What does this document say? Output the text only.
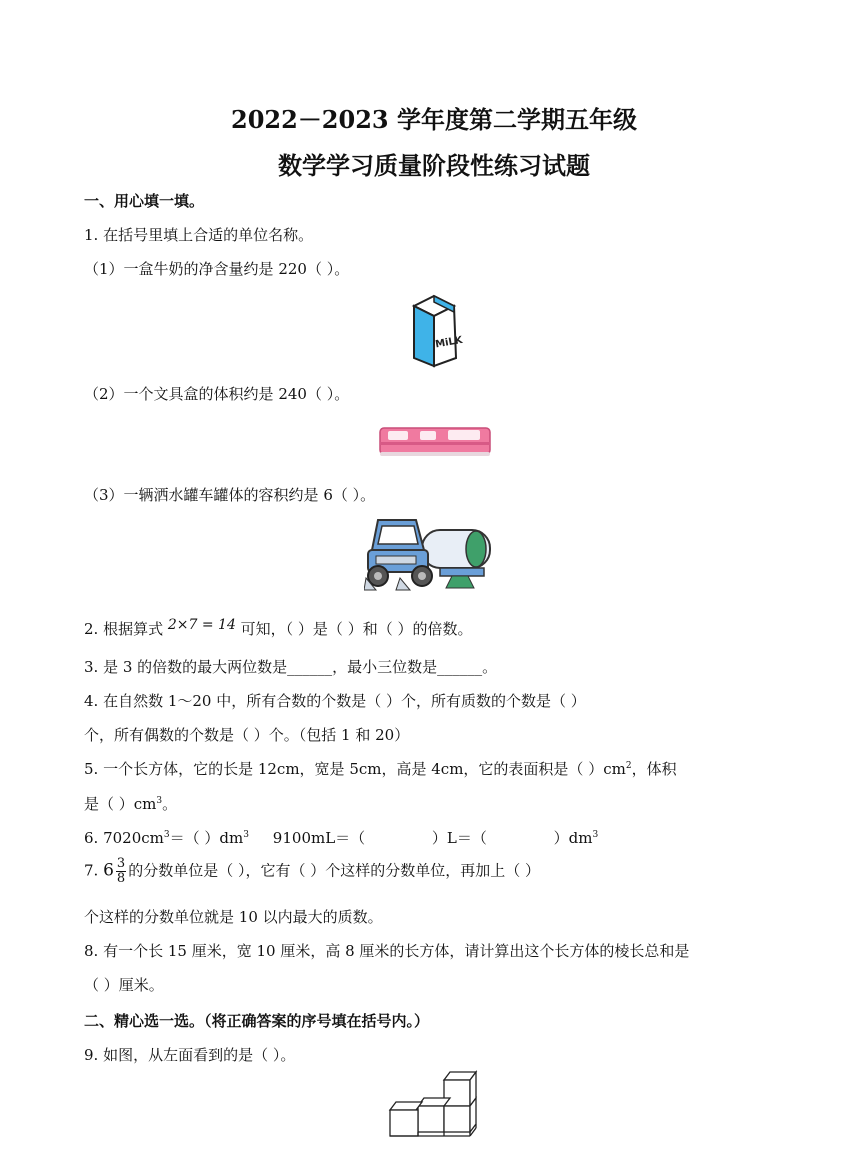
2022－2023 学年度第二学期五年级
数学学习质量阶段性练习试题
一、用心填一填。
1. 在括号里填上合适的单位名称。
（1）一盒牛奶的净含量约是 220（ ）。
MiLK
（2）一个文具盒的体积约是 240（ ）。
（3）一辆洒水罐车罐体的容积约是 6（ ）。
2. 根据算式 2×7 = 14 可知，（ ）是（ ）和（ ）的倍数。
3. 是 3 的倍数的最大两位数是______，最小三位数是______。
4. 在自然数 1～20 中，所有合数的个数是（ ）个，所有质数的个数是（ ）
个，所有偶数的个数是（ ）个。（包括 1 和 20）
5. 一个长方体，它的长是 12cm，宽是 5cm，高是 4cm，它的表面积是（ ）$cm^2$，体积
是（ ）$cm^3$。
6. $7020cm^3=$（ ）$dm^3$     9100mL＝（              ）L＝（              ）$dm^3$
7. $6 \frac{3}{8}$ 的分数单位是（ ），它有（ ）个这样的分数单位，再加上（ ）
个这样的分数单位就是 10 以内最大的质数。
8. 有一个长 15 厘米，宽 10 厘米，高 8 厘米的长方体，请计算出这个长方体的棱长总和是
（ ）厘米。
二、精心选一选。（将正确答案的序号填在括号内。）
9. 如图，从左面看到的是（ ）。
